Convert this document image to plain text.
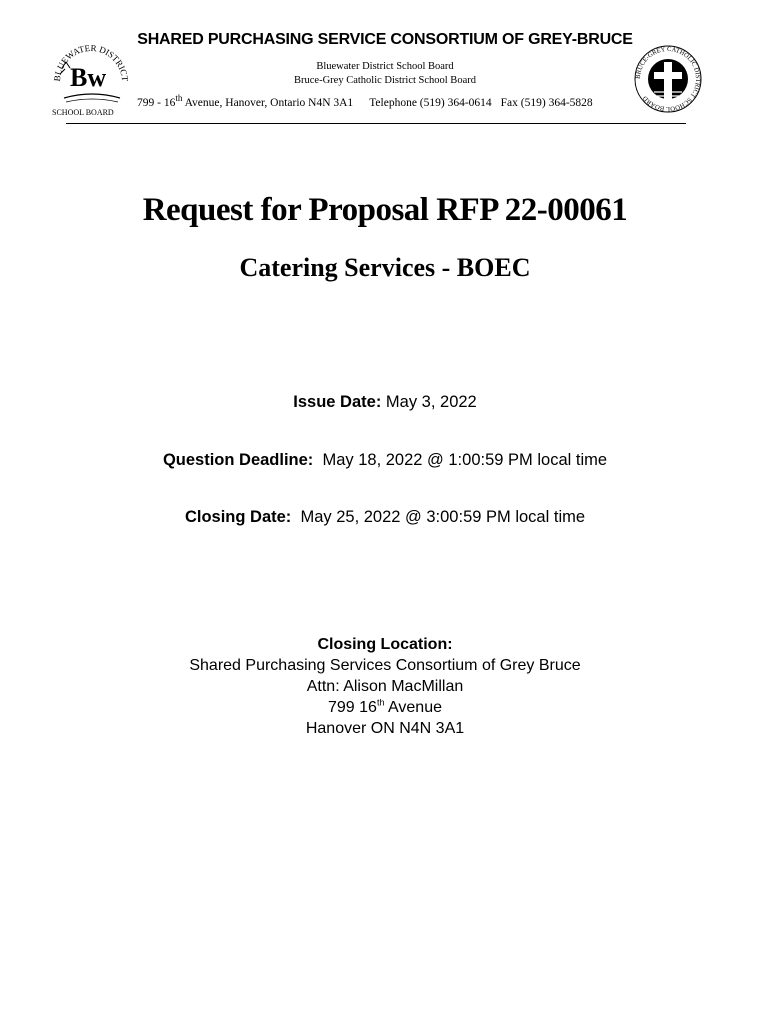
BLUEWATER DISTRICT
Bw
SCHOOL BOARD
BRUCE-GREY CATHOLIC DISTRICT SCHOOL BOARD
SHARED PURCHASING SERVICE CONSORTIUM OF GREY-BRUCE
Bluewater District School Board
Bruce-Grey Catholic District School Board
799 - 16th Avenue, Hanover, Ontario N4N 3A1 Telephone (519) 364-0614 Fax (519) 364-5828
Request for Proposal RFP 22-00061
Catering Services - BOEC
Issue Date: May 3, 2022
Question Deadline:  May 18, 2022 @ 1:00:59 PM local time
Closing Date:  May 25, 2022 @ 3:00:59 PM local time
Closing Location:
Shared Purchasing Services Consortium of Grey Bruce
Attn: Alison MacMillan
799 16th Avenue
Hanover ON N4N 3A1
